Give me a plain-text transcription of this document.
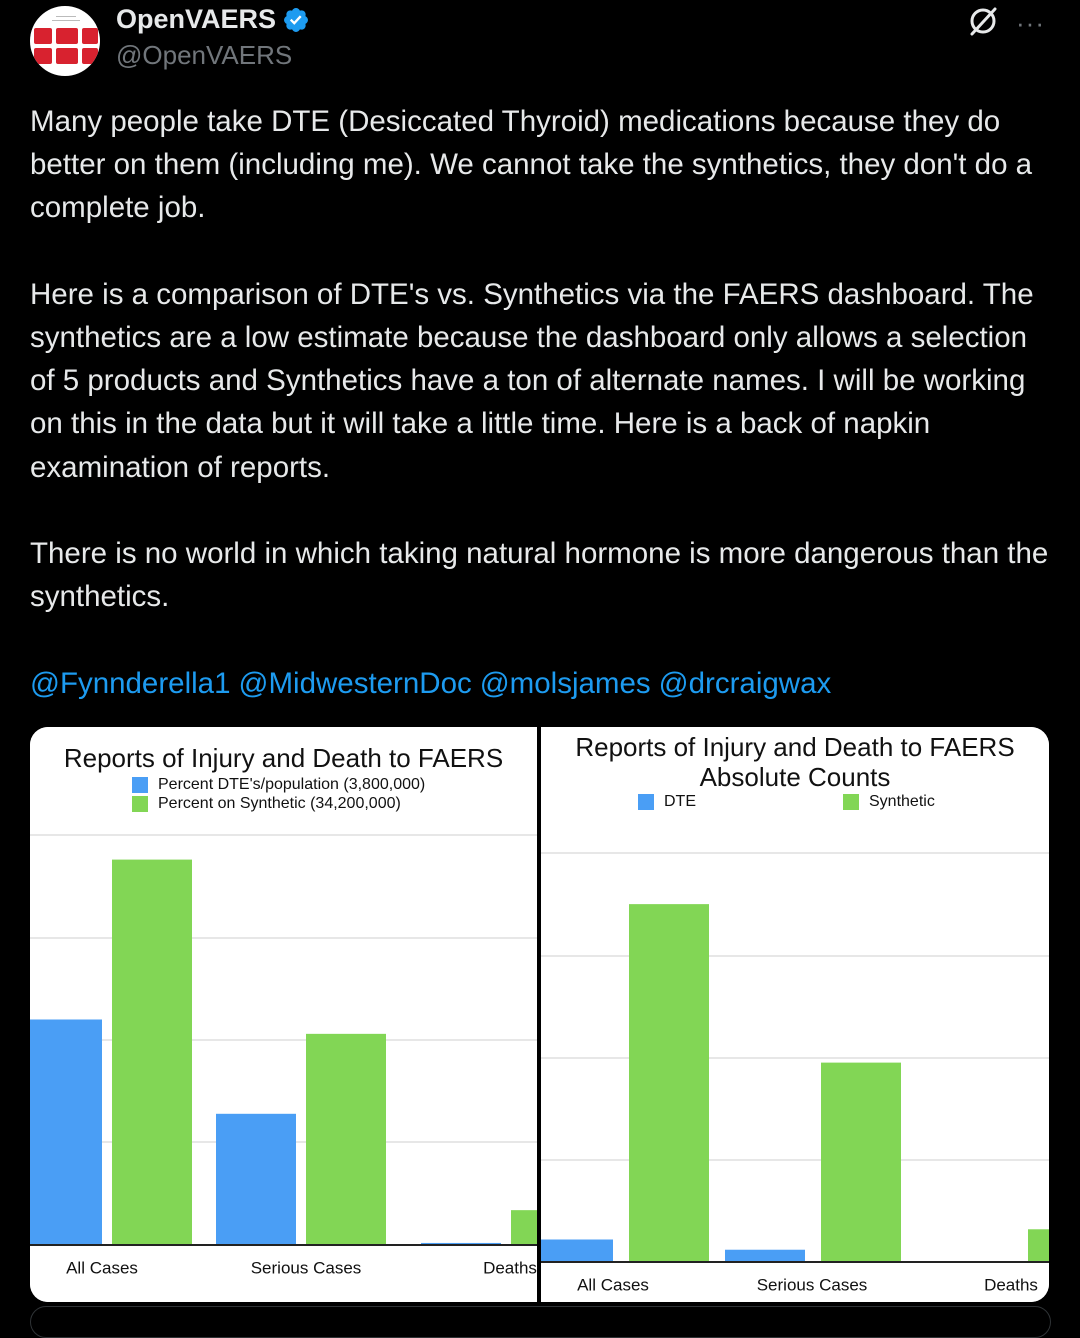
OpenVAERS
@OpenVAERS
···
Many people take DTE (Desiccated Thyroid) medications because they do better on them (including me). We cannot take the synthetics, they don't do a complete job.

Here is a comparison of DTE's vs. Synthetics via the FAERS dashboard. The synthetics are a low estimate because the dashboard only allows a selection of 5 products and Synthetics have a ton of alternate names. I will be working on this in the data but it will take a little time. Here is a back of napkin examination of reports.

There is no world in which taking natural hormone is more dangerous than the synthetics.
@Fynnderella1 @MidwesternDoc @molsjames @drcraigwax
Reports of Injury and Death to FAERS
Percent DTE's/population (3,800,000)
Percent on Synthetic (34,200,000)
All Cases	Serious Cases	Deaths
Reports of Injury and Death to FAERS
Absolute Counts
DTE	Synthetic
All Cases	Serious Cases	Deaths
